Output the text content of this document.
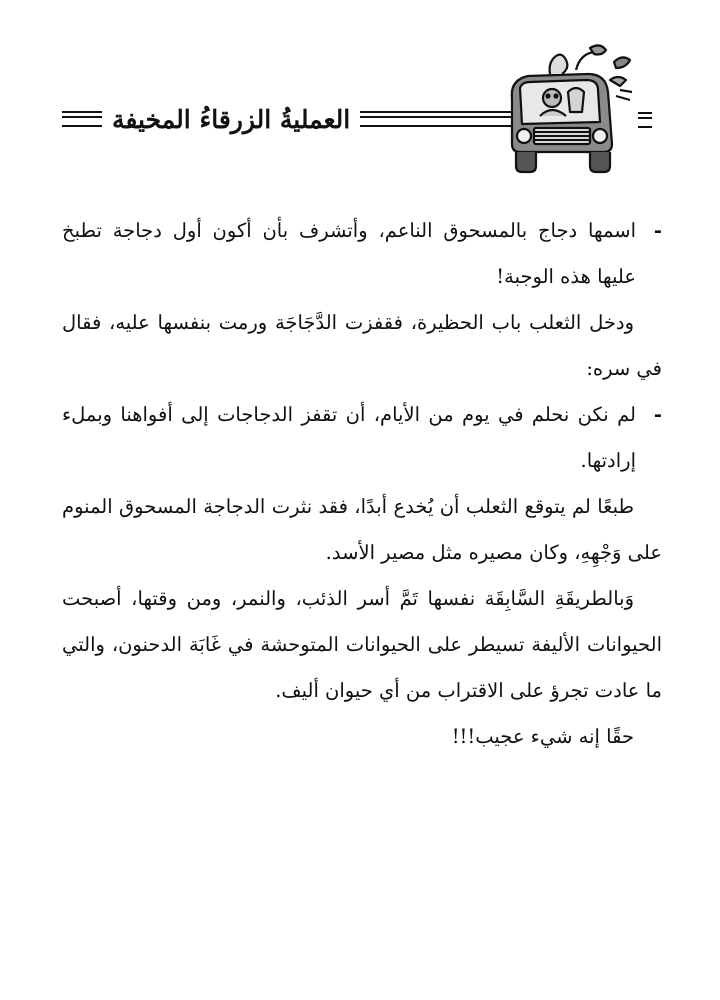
العمليةُ الزرقاءُ المخيفة

-
اسمها دجاج بالمسحوق الناعم، وأتشرف بأن أكون أول دجاجة تطبخ عليها هذه الوجبة!

ودخل الثعلب باب الحظيرة، فقفزت الدَّجَاجَة ورمت بنفسها عليه، فقال في سره:

-
لم نكن نحلم في يوم من الأيام، أن تقفز الدجاجات إلى أفواهنا وبملء إرادتها.

طبعًا لم يتوقع الثعلب أن يُخدع أبدًا، فقد نثرت الدجاجة المسحوق المنوم على وَجْهِهِ، وكان مصيره مثل مصير الأسد.

وَبالطريقَةِ السَّابِقَة نفسها تَمَّ أسر الذئب، والنمر، ومن وقتها، أصبحت الحيوانات الأليفة تسيطر على الحيوانات المتوحشة في غَابَة الدحنون، والتي ما عادت تجرؤ على الاقتراب من أي حيوان أليف.

حقًا إنه شيء عجيب!!!
